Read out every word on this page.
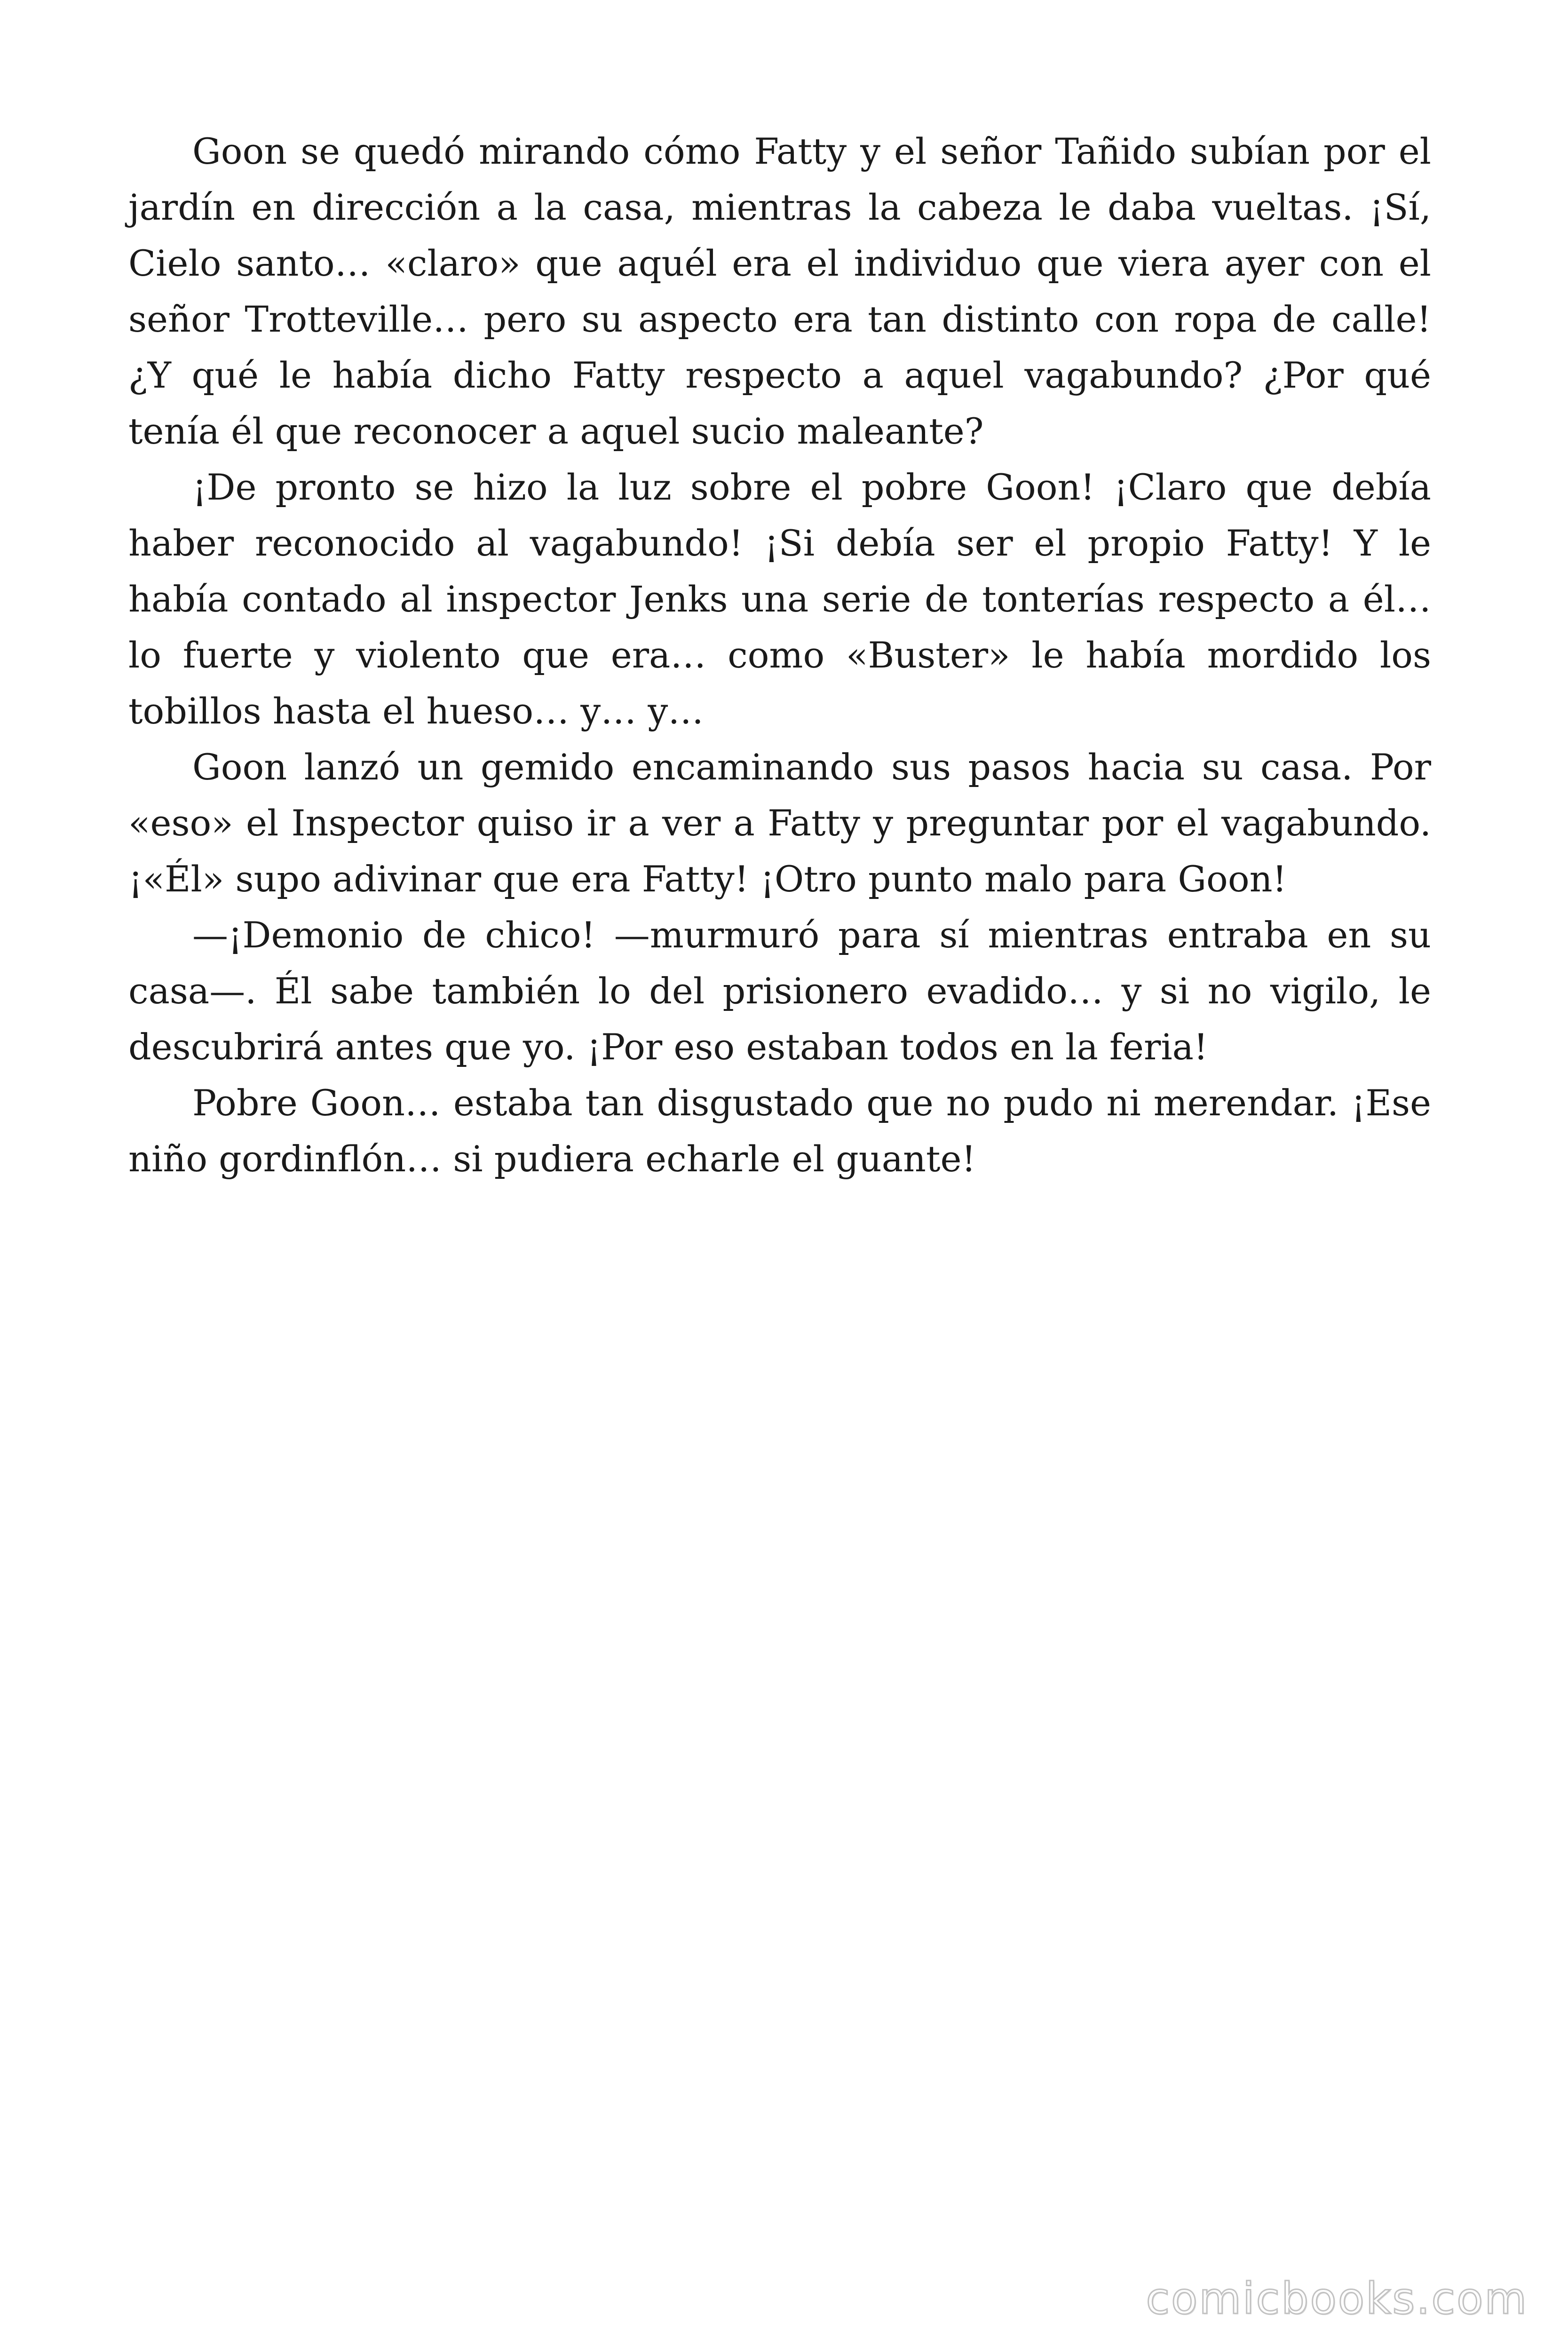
Goon se quedó mirando cómo Fatty y el señor Tañido subían por el jardín en dirección a la casa, mientras la cabeza le daba vueltas. ¡Sí, Cielo santo… «claro» que aquél era el individuo que viera ayer con el señor Trotteville… pero su aspecto era tan distinto con ropa de calle! ¿Y qué le había dicho Fatty respecto a aquel vagabundo? ¿Por qué tenía él que reconocer a aquel sucio maleante?

¡De pronto se hizo la luz sobre el pobre Goon! ¡Claro que debía haber reconocido al vagabundo! ¡Si debía ser el propio Fatty! Y le había contado al inspector Jenks una serie de tonterías respecto a él… lo fuerte y violento que era… como «Buster» le había mordido los tobillos hasta el hueso… y… y…

Goon lanzó un gemido encaminando sus pasos hacia su casa. Por «eso» el Inspector quiso ir a ver a Fatty y preguntar por el vagabundo. ¡«Él» supo adivinar que era Fatty! ¡Otro punto malo para Goon!

—¡Demonio de chico! —murmuró para sí mientras entraba en su casa—. Él sabe también lo del prisionero evadido… y si no vigilo, le descubrirá antes que yo. ¡Por eso estaban todos en la feria!

Pobre Goon… estaba tan disgustado que no pudo ni merendar. ¡Ese niño gordinflón… si pudiera echarle el guante!

comicbooks.com
